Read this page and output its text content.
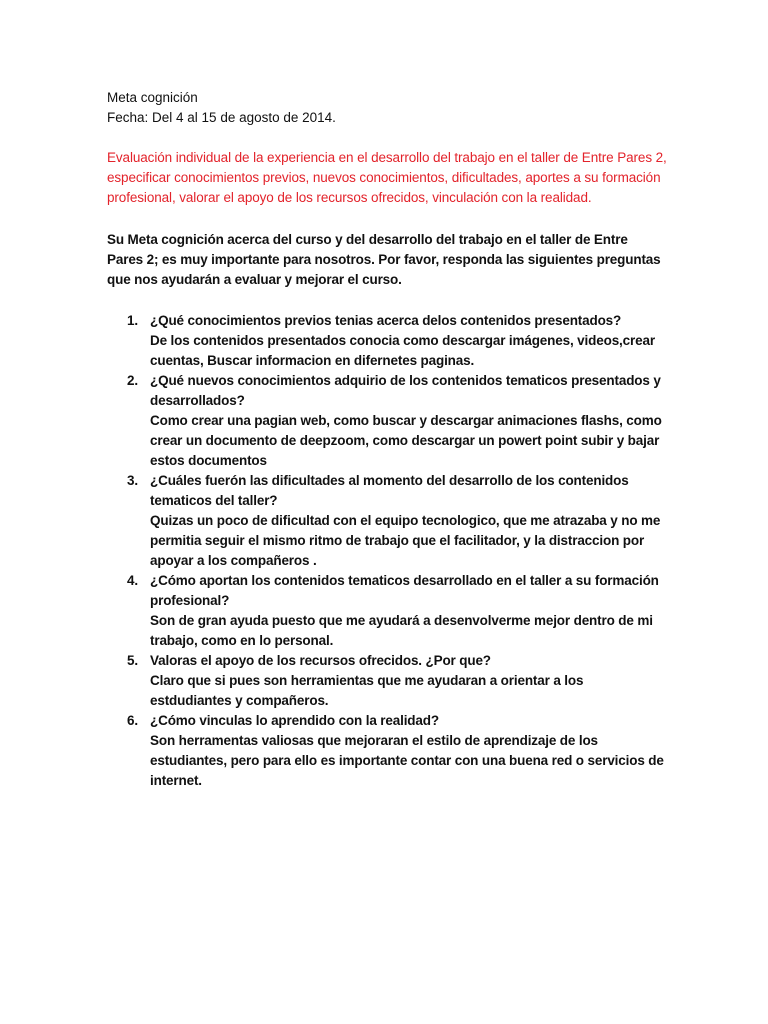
Meta cognición

Fecha: Del 4 al 15 de agosto de 2014.

Evaluación individual de la experiencia en el desarrollo del trabajo en el taller de Entre Pares 2, especificar conocimientos previos, nuevos conocimientos, dificultades, aportes a su formación profesional, valorar el apoyo de los recursos ofrecidos, vinculación con la realidad.

Su Meta cognición acerca del curso y del desarrollo del trabajo en el taller de Entre Pares 2; es muy importante para nosotros. Por favor, responda las siguientes preguntas que nos ayudarán a evaluar y mejorar el curso.

1. ¿Qué conocimientos previos tenias acerca delos contenidos presentados?
De los contenidos presentados conocia como descargar imágenes, videos,crear cuentas, Buscar informacion en difernetes paginas.
2. ¿Qué nuevos conocimientos adquirio de los contenidos tematicos presentados y desarrollados?
Como crear una pagian web, como buscar y descargar animaciones flashs, como crear un documento de deepzoom, como descargar un powert point subir y bajar estos documentos
3. ¿Cuáles fuerón las dificultades al momento del desarrollo de los contenidos tematicos del taller?
Quizas un poco de dificultad con el equipo tecnologico, que me atrazaba y no me permitia seguir el mismo ritmo de trabajo que el facilitador, y la distraccion por apoyar a los compañeros .
4. ¿Cómo aportan los contenidos tematicos desarrollado en el taller a su formación profesional?
Son de gran ayuda puesto que me ayudará a desenvolverme mejor dentro de mi trabajo, como en lo personal.
5. Valoras el apoyo de los recursos ofrecidos. ¿Por que?
Claro que si pues son herramientas que me ayudaran a orientar a los estdudiantes y compañeros.
6. ¿Cómo vinculas lo aprendido con la realidad?
Son herramentas valiosas que mejoraran el estilo de aprendizaje de los estudiantes, pero para ello es importante contar con una buena red o servicios de internet.
